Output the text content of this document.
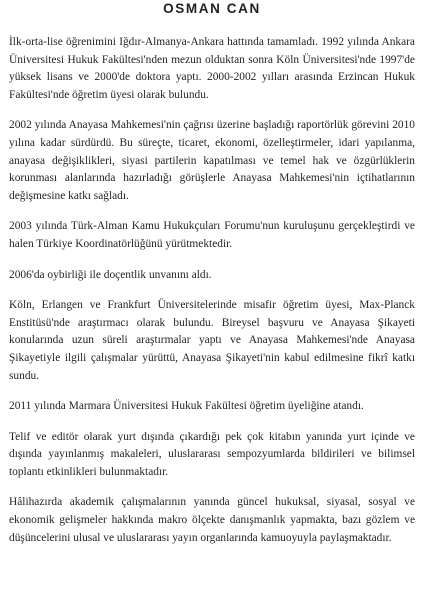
OSMAN CAN

İlk-orta-lise öğrenimini Iğdır-Almanya-Ankara hattında tamamladı. 1992 yılında Ankara Üniversitesi Hukuk Fakültesi'nden mezun olduktan sonra Köln Üniversitesi'nde 1997'de yüksek lisans ve 2000'de doktora yaptı. 2000-2002 yılları arasında Erzincan Hukuk Fakültesi'nde öğretim üyesi olarak bulundu.

2002 yılında Anayasa Mahkemesi'nin çağrısı üzerine başladığı raportörlük görevini 2010 yılına kadar sürdürdü. Bu süreçte, ticaret, ekonomi, özelleştirmeler, idari yapılanma, anayasa değişiklikleri, siyasi partilerin kapatılması ve temel hak ve özgürlüklerin korunması alanlarında hazırladığı görüşlerle Anayasa Mahkemesi'nin içtihatlarının değişmesine katkı sağladı.

2003 yılında Türk-Alman Kamu Hukukçuları Forumu'nun kuruluşunu gerçekleştirdi ve halen Türkiye Koordinatörlüğünü yürütmektedir.

2006'da oybirliği ile doçentlik unvanını aldı.

Köln, Erlangen ve Frankfurt Üniversitelerinde misafir öğretim üyesi, Max-Planck Enstitüsü'nde araştırmacı olarak bulundu. Bireysel başvuru ve Anayasa Şikayeti konularında uzun süreli araştırmalar yaptı ve Anayasa Mahkemesi'nde Anayasa Şikayetiyle ilgili çalışmalar yürüttü, Anayasa Şikayeti'nin kabul edilmesine fikrî katkı sundu.

2011 yılında Marmara Üniversitesi Hukuk Fakültesi öğretim üyeliğine atandı.

Telif ve editör olarak yurt dışında çıkardığı pek çok kitabın yanında yurt içinde ve dışında yayınlanmış makaleleri, uluslararası sempozyumlarda bildirileri ve bilimsel toplantı etkinlikleri bulunmaktadır.

Hâlihazırda akademik çalışmalarının yanında güncel hukuksal, siyasal, sosyal ve ekonomik gelişmeler hakkında makro ölçekte danışmanlık yapmakta, bazı gözlem ve düşüncelerini ulusal ve uluslararası yayın organlarında kamuoyuyla paylaşmaktadır.
